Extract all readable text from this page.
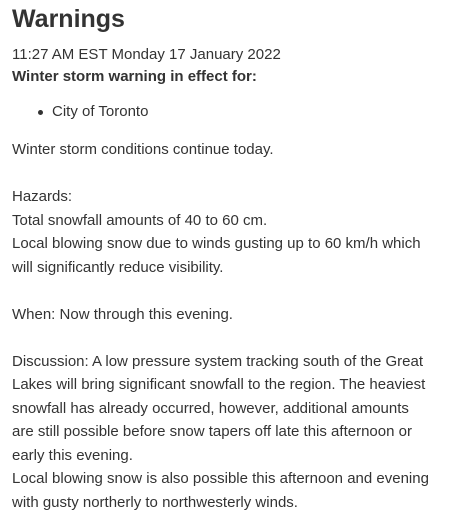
Warnings
11:27 AM EST Monday 17 January 2022
Winter storm warning in effect for:
City of Toronto
Winter storm conditions continue today.
Hazards:
Total snowfall amounts of 40 to 60 cm.
Local blowing snow due to winds gusting up to 60 km/h which
will significantly reduce visibility.
When: Now through this evening.
Discussion: A low pressure system tracking south of the Great
Lakes will bring significant snowfall to the region. The heaviest
snowfall has already occurred, however, additional amounts
are still possible before snow tapers off late this afternoon or
early this evening.
Local blowing snow is also possible this afternoon and evening
with gusty northerly to northwesterly winds.
